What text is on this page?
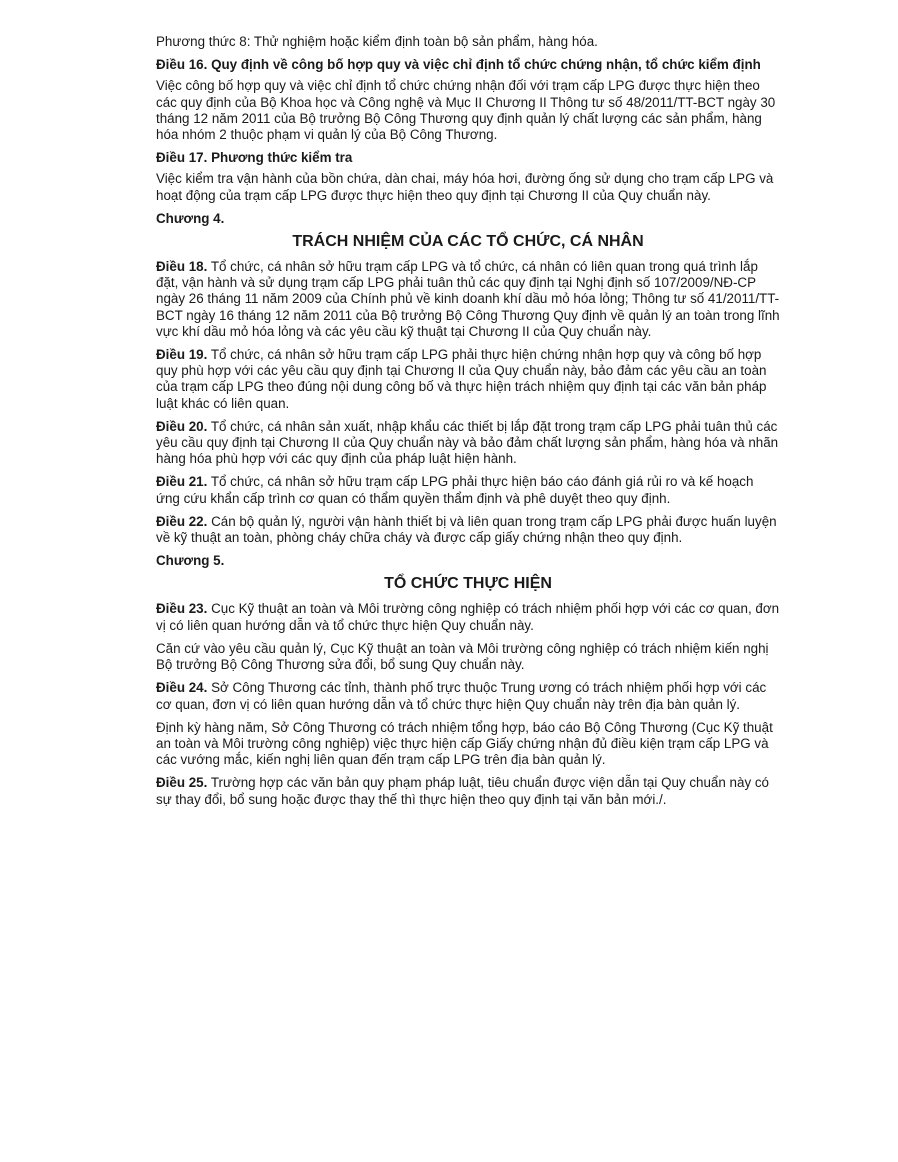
Phương thức 8: Thử nghiệm hoặc kiểm định toàn bộ sản phẩm, hàng hóa.

Điều 16. Quy định về công bố hợp quy và việc chỉ định tổ chức chứng nhận, tổ chức kiểm định

Việc công bố hợp quy và việc chỉ định tổ chức chứng nhận đối với trạm cấp LPG được thực hiện theo các quy định của Bộ Khoa học và Công nghệ và Mục II Chương II Thông tư số 48/2011/TT-BCT ngày 30 tháng 12 năm 2011 của Bộ trưởng Bộ Công Thương quy định quản lý chất lượng các sản phẩm, hàng hóa nhóm 2 thuộc phạm vi quản lý của Bộ Công Thương.

Điều 17. Phương thức kiểm tra

Việc kiểm tra vận hành của bồn chứa, dàn chai, máy hóa hơi, đường ống sử dụng cho trạm cấp LPG và hoạt động của trạm cấp LPG được thực hiện theo quy định tại Chương II của Quy chuẩn này.

Chương 4.
TRÁCH NHIỆM CỦA CÁC TỔ CHỨC, CÁ NHÂN

Điều 18. Tổ chức, cá nhân sở hữu trạm cấp LPG và tổ chức, cá nhân có liên quan trong quá trình lắp đặt, vận hành và sử dụng trạm cấp LPG phải tuân thủ các quy định tại Nghị định số 107/2009/NĐ-CP ngày 26 tháng 11 năm 2009 của Chính phủ về kinh doanh khí dầu mỏ hóa lỏng; Thông tư số 41/2011/TT-BCT ngày 16 tháng 12 năm 2011 của Bộ trưởng Bộ Công Thương Quy định về quản lý an toàn trong lĩnh vực khí dầu mỏ hóa lỏng và các yêu cầu kỹ thuật tại Chương II của Quy chuẩn này.

Điều 19. Tổ chức, cá nhân sở hữu trạm cấp LPG phải thực hiện chứng nhận hợp quy và công bố hợp quy phù hợp với các yêu cầu quy định tại Chương II của Quy chuẩn này, bảo đảm các yêu cầu an toàn của trạm cấp LPG theo đúng nội dung công bố và thực hiện trách nhiệm quy định tại các văn bản pháp luật khác có liên quan.

Điều 20. Tổ chức, cá nhân sản xuất, nhập khẩu các thiết bị lắp đặt trong trạm cấp LPG phải tuân thủ các yêu cầu quy định tại Chương II của Quy chuẩn này và bảo đảm chất lượng sản phẩm, hàng hóa và nhãn hàng hóa phù hợp với các quy định của pháp luật hiện hành.

Điều 21. Tổ chức, cá nhân sở hữu trạm cấp LPG phải thực hiện báo cáo đánh giá rủi ro và kế hoạch ứng cứu khẩn cấp trình cơ quan có thẩm quyền thẩm định và phê duyệt theo quy định.

Điều 22. Cán bộ quản lý, người vận hành thiết bị và liên quan trong trạm cấp LPG phải được huấn luyện về kỹ thuật an toàn, phòng cháy chữa cháy và được cấp giấy chứng nhận theo quy định.

Chương 5.
TỔ CHỨC THỰC HIỆN

Điều 23. Cục Kỹ thuật an toàn và Môi trường công nghiệp có trách nhiệm phối hợp với các cơ quan, đơn vị có liên quan hướng dẫn và tổ chức thực hiện Quy chuẩn này.

Căn cứ vào yêu cầu quản lý, Cục Kỹ thuật an toàn và Môi trường công nghiệp có trách nhiệm kiến nghị Bộ trưởng Bộ Công Thương sửa đổi, bổ sung Quy chuẩn này.

Điều 24. Sở Công Thương các tỉnh, thành phố trực thuộc Trung ương có trách nhiệm phối hợp với các cơ quan, đơn vị có liên quan hướng dẫn và tổ chức thực hiện Quy chuẩn này trên địa bàn quản lý.

Định kỳ hàng năm, Sở Công Thương có trách nhiệm tổng hợp, báo cáo Bộ Công Thương (Cục Kỹ thuật an toàn và Môi trường công nghiệp) việc thực hiện cấp Giấy chứng nhận đủ điều kiện trạm cấp LPG và các vướng mắc, kiến nghị liên quan đến trạm cấp LPG trên địa bàn quản lý.

Điều 25. Trường hợp các văn bản quy phạm pháp luật, tiêu chuẩn được viện dẫn tại Quy chuẩn này có sự thay đổi, bổ sung hoặc được thay thế thì thực hiện theo quy định tại văn bản mới./.
